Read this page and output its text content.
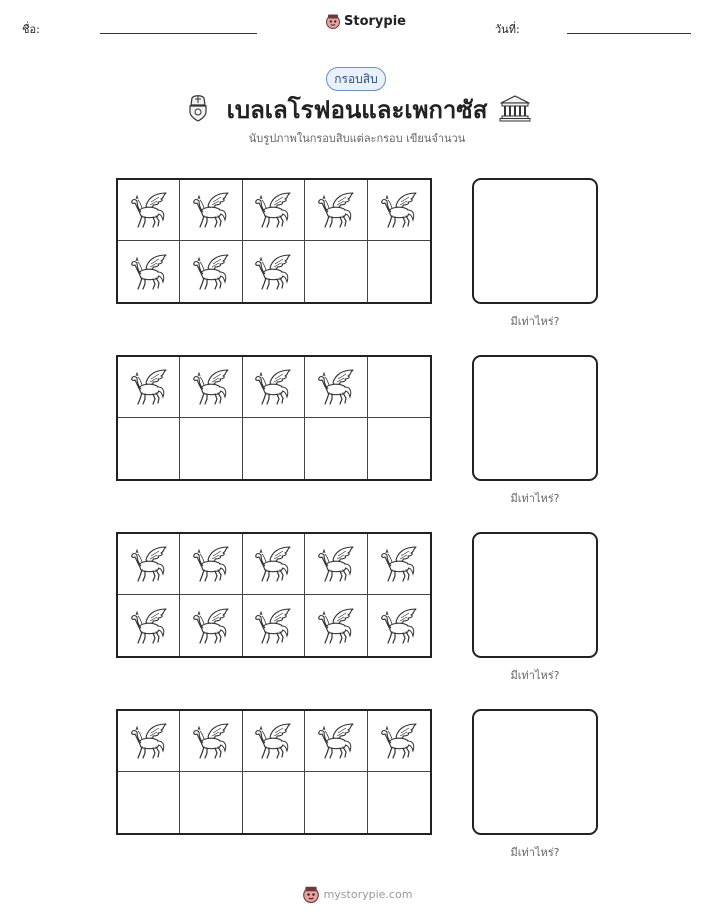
ชื่อ:
Storypie
วันที่:
กรอบสิบ
เบลเลโรฟอนและเพกาซัส
นับรูปภาพในกรอบสิบแต่ละกรอบ เขียนจำนวน
มีเท่าไหร่?
มีเท่าไหร่?
มีเท่าไหร่?
มีเท่าไหร่?
mystorypie.com
